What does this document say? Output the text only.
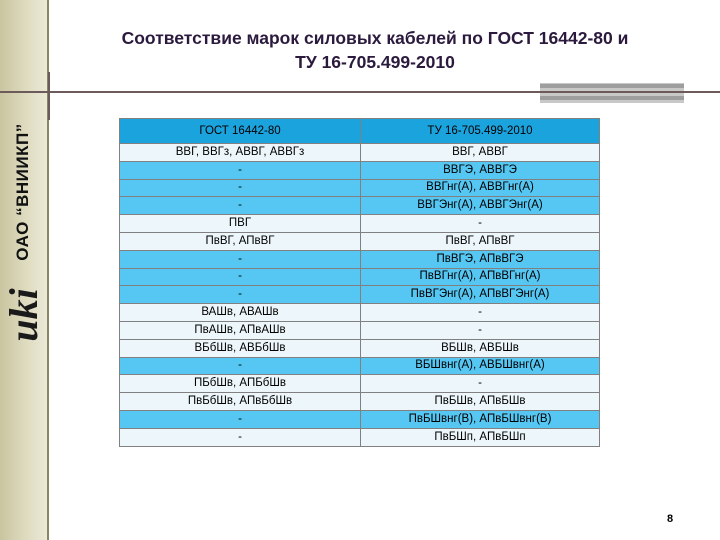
ОАО “ВНИИКП”
uki
Соответствие марок силовых кабелей по ГОСТ 16442-80 и
ТУ 16-705.499-2010
ГОСТ 16442-80	ТУ 16-705.499-2010
ВВГ, ВВГз, АВВГ, АВВГз	ВВГ, АВВГ
-	ВВГЭ, АВВГЭ
-	ВВГнг(А), АВВГнг(А)
-	ВВГЭнг(А), АВВГЭнг(А)
ПВГ	-
ПвВГ, АПвВГ	ПвВГ, АПвВГ
-	ПвВГЭ, АПвВГЭ
-	ПвВГнг(А), АПвВГнг(А)
-	ПвВГЭнг(А), АПвВГЭнг(А)
ВАШв, АВАШв	-
ПвАШв, АПвАШв	-
ВБбШв, АВБбШв	ВБШв, АВБШв
-	ВБШвнг(А), АВБШвнг(А)
ПБбШв, АПБбШв	-
ПвБбШв, АПвБбШв	ПвБШв, АПвБШв
-	ПвБШвнг(В), АПвБШвнг(В)
-	ПвБШп, АПвБШп
8
